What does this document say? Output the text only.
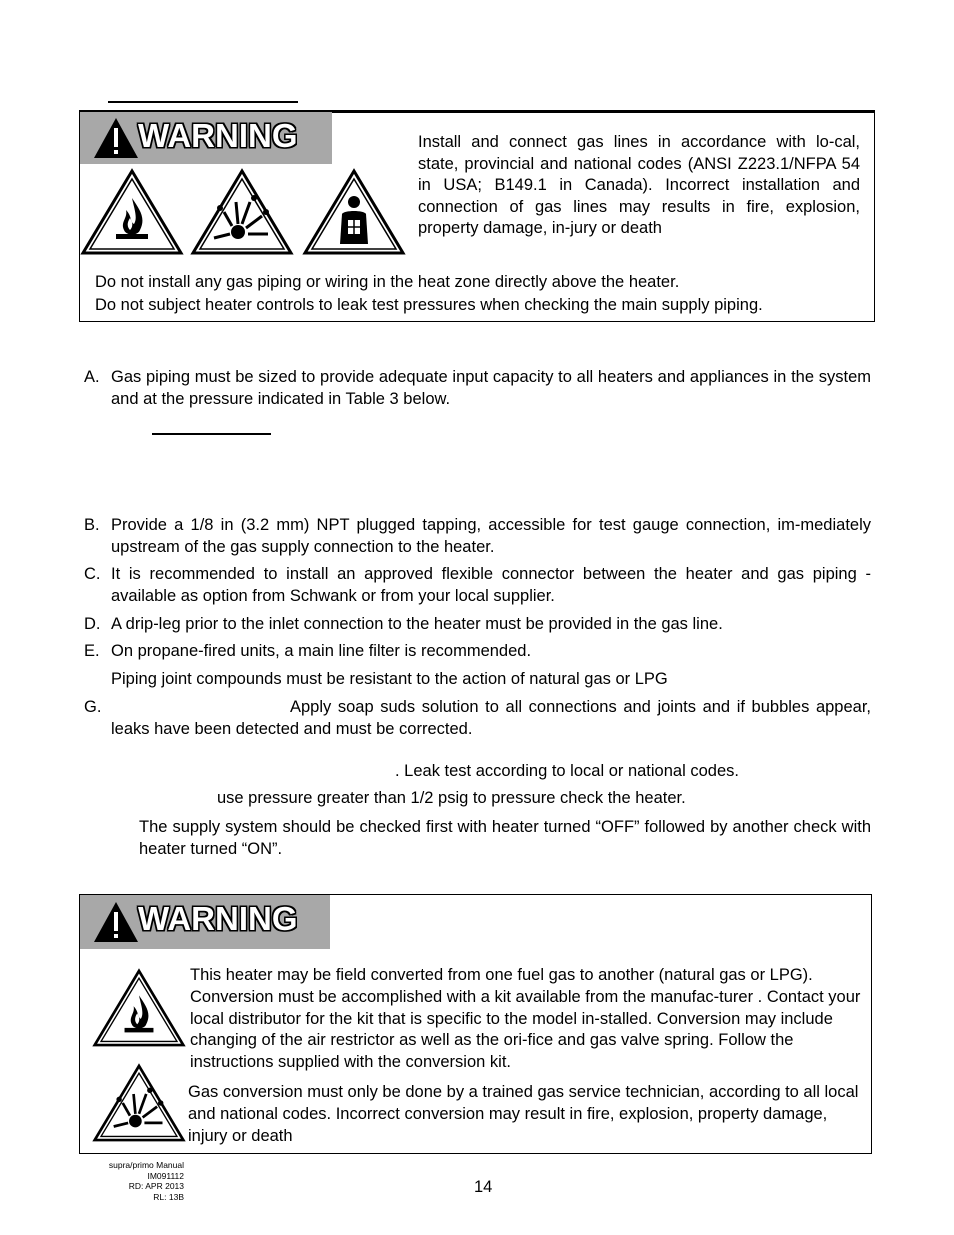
WARNING	Install and connect gas lines in accordance with lo-cal, state, provincial and national codes (ANSI Z223.1/NFPA 54 in USA; B149.1 in Canada). Incorrect installation and connection of gas lines may results in fire, explosion, property damage, in-jury or death
Do not install any gas piping or wiring in the heat zone directly above the heater.
Do not subject heater controls to leak test pressures when checking the main supply piping.
A. Gas piping must be sized to provide adequate input capacity to all heaters and appliances in the system and at the pressure indicated in Table 3 below.
B. Provide a 1/8 in (3.2 mm) NPT plugged tapping, accessible for test gauge connection, im-mediately upstream of the gas supply connection to the heater.
C. It is recommended to install an approved flexible connector between the heater and gas piping - available as option from Schwank or from your local supplier.
D. A drip-leg prior to the inlet connection to the heater must be provided in the gas line.
E. On propane-fired units, a main line filter is recommended.
Piping joint compounds must be resistant to the action of natural gas or LPG
G.	Apply soap suds solution to all connections and joints and if bubbles appear, leaks have been detected and must be corrected.
. Leak test according to local or national codes.
use pressure greater than 1/2 psig to pressure check the heater.
The supply system should be checked first with heater turned “OFF” followed by another check with heater turned “ON”.
WARNING
This heater may be field converted from one fuel gas to another (natural gas or LPG). Conversion must be accomplished with a kit available from the manufac-turer . Contact your local distributor for the kit that is specific to the model in-stalled. Conversion may include changing of the air restrictor as well as the ori-fice and gas valve spring. Follow the instructions supplied with the conversion kit.
Gas conversion must only be done by a trained gas service technician, according to all local and national codes. Incorrect conversion may result in fire, explosion, property damage, injury or death
supra/primo Manual
IM091112
RD: APR 2013
RL: 13B
14
